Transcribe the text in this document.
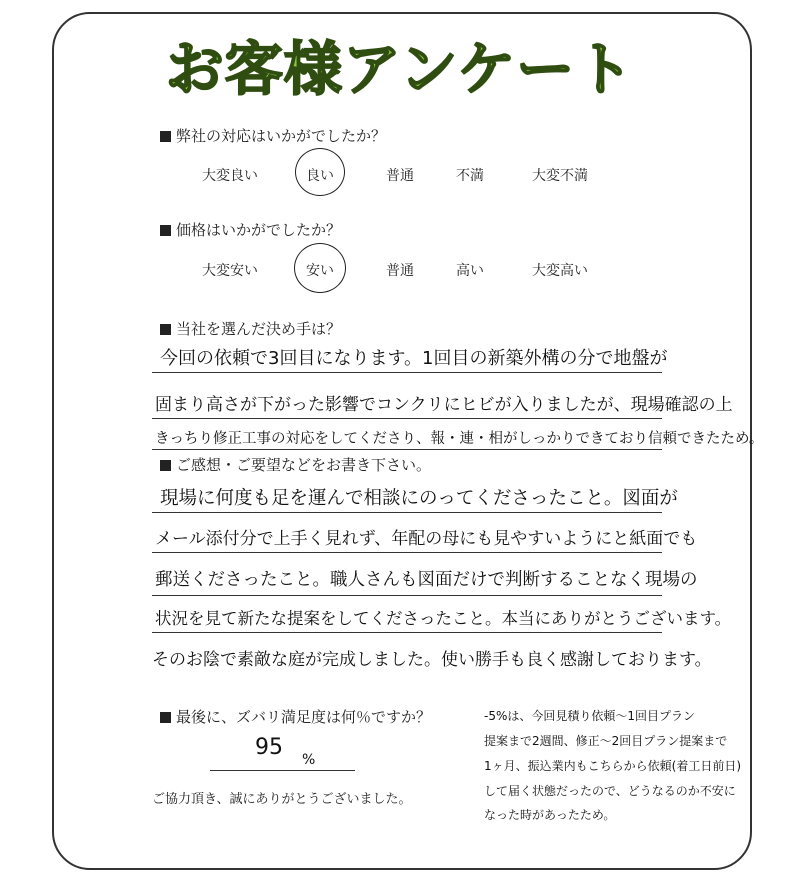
お客様アンケート
弊社の対応はいかがでしたか？
大変良い	良い	普通	不満	大変不満
価格はいかがでしたか？
大変安い	安い	普通	高い	大変高い
当社を選んだ決め手は？
今回の依頼で3回目になります。1回目の新築外構の分で地盤が
固まり高さが下がった影響でコンクリにヒビが入りましたが、現場確認の上
きっちり修正工事の対応をしてくださり、報・連・相がしっかりできており信頼できたため。
ご感想・ご要望などをお書き下さい。
現場に何度も足を運んで相談にのってくださったこと。図面が
メール添付分で上手く見れず、年配の母にも見やすいようにと紙面でも
郵送くださったこと。職人さんも図面だけで判断することなく現場の
状況を見て新たな提案をしてくださったこと。本当にありがとうございます。
そのお陰で素敵な庭が完成しました。使い勝手も良く感謝しております。
最後に、ズバリ満足度は何％ですか？
95 %
-5%は、今回見積り依頼～1回目プラン
提案まで2週間、修正～2回目プラン提案まで
1ヶ月、振込業内もこちらから依頼(着工日前日)
して届く状態だったので、どうなるのか不安に
なった時があったため。
ご協力頂き、誠にありがとうございました。
